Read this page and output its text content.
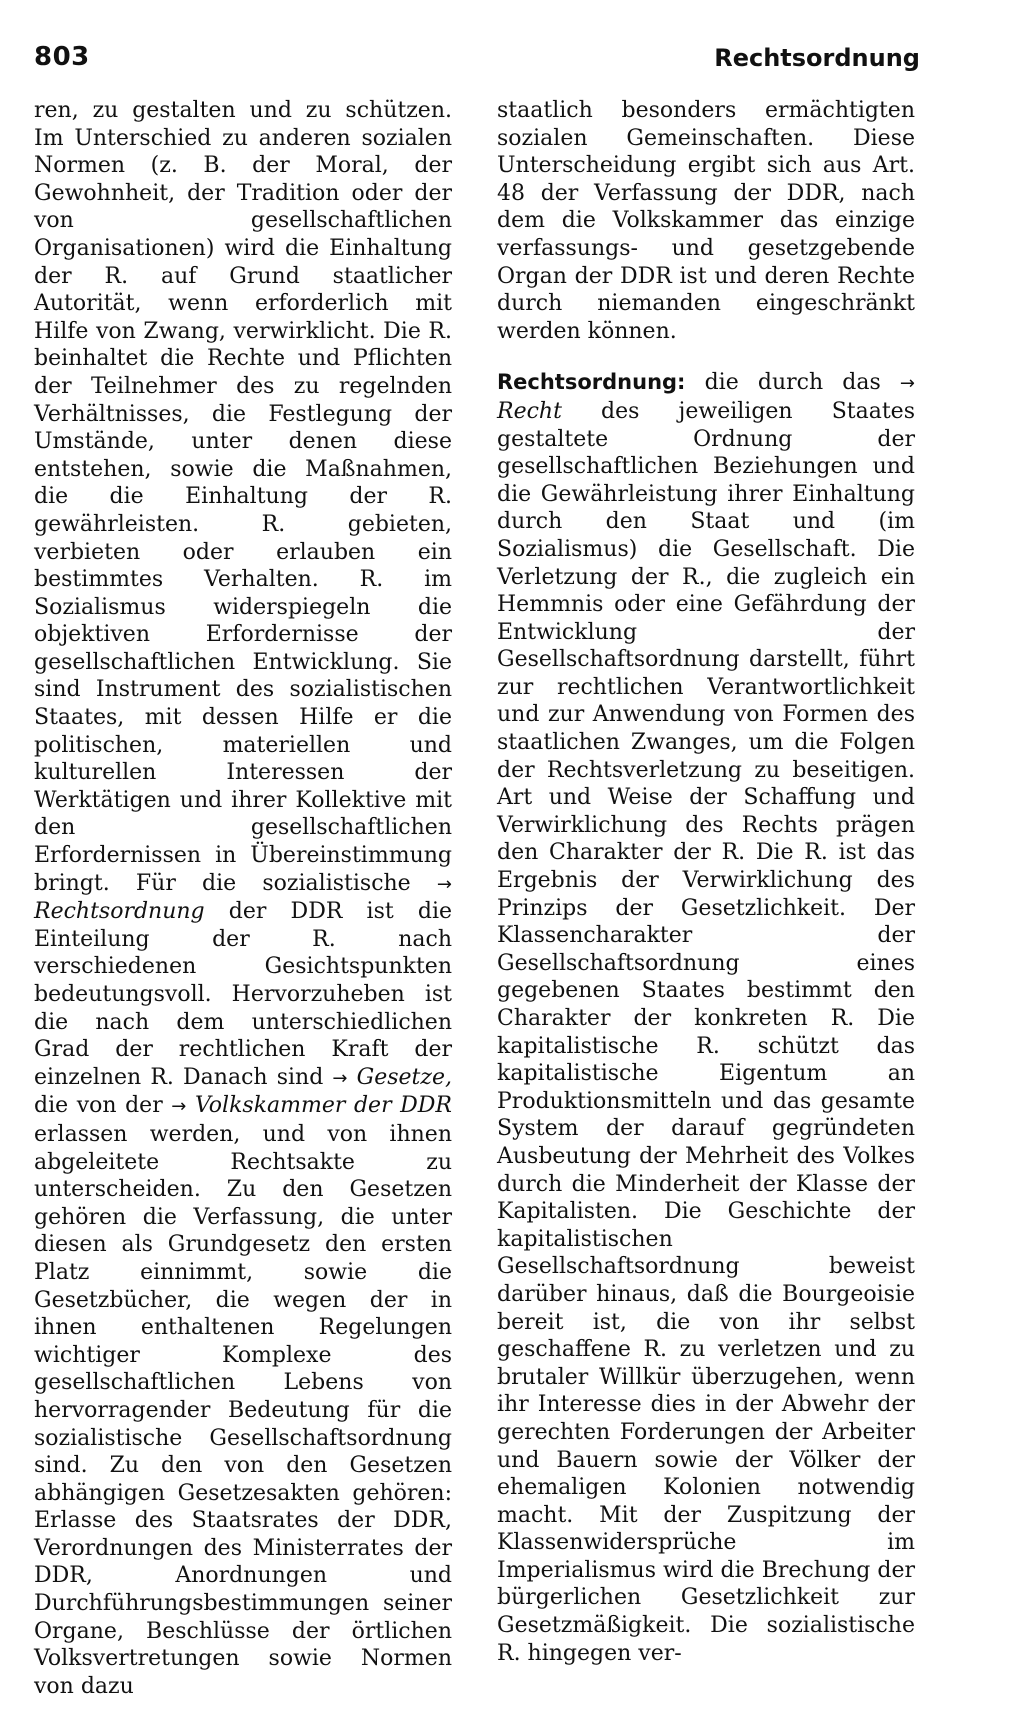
803	Rechtsordnung

ren, zu gestalten und zu schützen. Im Unterschied zu anderen sozialen Normen (z. B. der Moral, der Gewohnheit, der Tradition oder der von gesellschaftlichen Organisationen) wird die Einhaltung der R. auf Grund staatlicher Autorität, wenn erforderlich mit Hilfe von Zwang, verwirklicht. Die R. beinhaltet die Rechte und Pflichten der Teilnehmer des zu regelnden Verhältnisses, die Festlegung der Umstände, unter denen diese entstehen, sowie die Maßnahmen, die die Einhaltung der R. gewährleisten. R. gebieten, verbieten oder erlauben ein bestimmtes Verhalten. R. im Sozialismus widerspiegeln die objektiven Erfordernisse der gesellschaftlichen Entwicklung. Sie sind Instrument des sozialistischen Staates, mit dessen Hilfe er die politischen, materiellen und kulturellen Interessen der Werktätigen und ihrer Kollektive mit den gesellschaftlichen Erfordernissen in Übereinstimmung bringt. Für die sozialistische → Rechtsordnung der DDR ist die Einteilung der R. nach verschiedenen Gesichtspunkten bedeutungsvoll. Hervorzuheben ist die nach dem unterschiedlichen Grad der rechtlichen Kraft der einzelnen R. Danach sind → Gesetze, die von der → Volkskammer der DDR erlassen werden, und von ihnen abgeleitete Rechtsakte zu unterscheiden. Zu den Gesetzen gehören die Verfassung, die unter diesen als Grundgesetz den ersten Platz einnimmt, sowie die Gesetzbücher, die wegen der in ihnen enthaltenen Regelungen wichtiger Komplexe des gesellschaftlichen Lebens von hervorragender Bedeutung für die sozialistische Gesellschaftsordnung sind. Zu den von den Gesetzen abhängigen Gesetzesakten gehören: Erlasse des Staatsrates der DDR, Verordnungen des Ministerrates der DDR, Anordnungen und Durchführungsbestimmungen seiner Organe, Beschlüsse der örtlichen Volksvertretungen sowie Normen von dazu

staatlich besonders ermächtigten sozialen Gemeinschaften. Diese Unterscheidung ergibt sich aus Art. 48 der Verfassung der DDR, nach dem die Volkskammer das einzige verfassungs- und gesetzgebende Organ der DDR ist und deren Rechte durch niemanden eingeschränkt werden können.

Rechtsordnung: die durch das → Recht des jeweiligen Staates gestaltete Ordnung der gesellschaftlichen Beziehungen und die Gewährleistung ihrer Einhaltung durch den Staat und (im Sozialismus) die Gesellschaft. Die Verletzung der R., die zugleich ein Hemmnis oder eine Gefährdung der Entwicklung der Gesellschaftsordnung darstellt, führt zur rechtlichen Verantwortlichkeit und zur Anwendung von Formen des staatlichen Zwanges, um die Folgen der Rechtsverletzung zu beseitigen. Art und Weise der Schaffung und Verwirklichung des Rechts prägen den Charakter der R. Die R. ist das Ergebnis der Verwirklichung des Prinzips der Gesetzlichkeit. Der Klassencharakter der Gesellschaftsordnung eines gegebenen Staates bestimmt den Charakter der konkreten R. Die kapitalistische R. schützt das kapitalistische Eigentum an Produktionsmitteln und das gesamte System der darauf gegründeten Ausbeutung der Mehrheit des Volkes durch die Minderheit der Klasse der Kapitalisten. Die Geschichte der kapitalistischen Gesellschaftsordnung beweist darüber hinaus, daß die Bourgeoisie bereit ist, die von ihr selbst geschaffene R. zu verletzen und zu brutaler Willkür überzugehen, wenn ihr Interesse dies in der Abwehr der gerechten Forderungen der Arbeiter und Bauern sowie der Völker der ehemaligen Kolonien notwendig macht. Mit der Zuspitzung der Klassenwidersprüche im Imperialismus wird die Brechung der bürgerlichen Gesetzlichkeit zur Gesetzmäßigkeit. Die sozialistische R. hingegen ver-
